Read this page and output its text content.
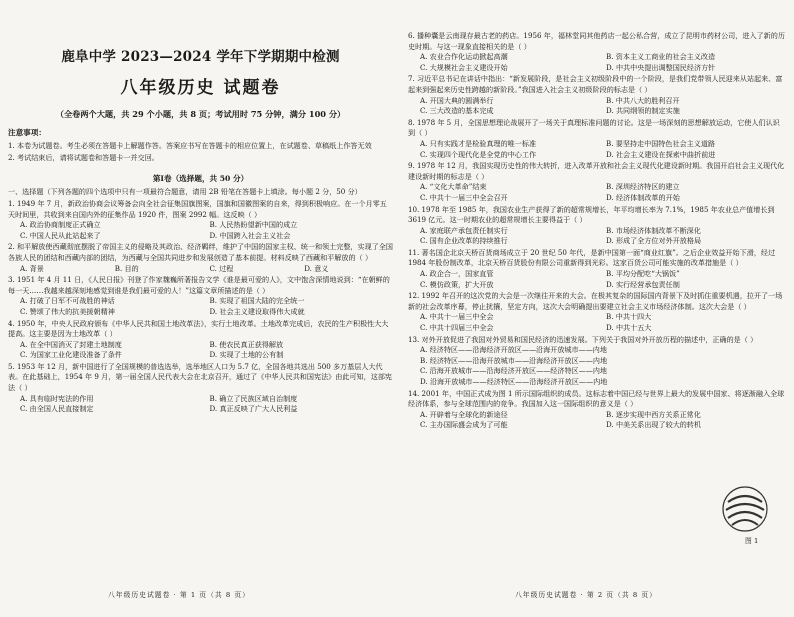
鹿阜中学 2023—2024 学年下学期期中检测
八年级历史 试题卷
（全卷两个大题，共 29 个小题，共 8 页；考试用时 75 分钟，满分 100 分）
注意事项：
1. 本卷为试题卷。考生必须在答题卡上解题作答。答案应书写在答题卡的相应位置上，在试题卷、草稿纸上作答无效
2. 考试结束后，请将试题卷和答题卡一并交回。
第Ⅰ卷（选择题，共 50 分）
一、选择题（下列各题的四个选项中只有一项最符合题意，请用 2B 铅笔在答题卡上填涂。每小题 2 分，50 分）
1. 1949 年 7 月，新政治协商会议筹备会向全社会征集国旗图案，国旗和国徽图案的自来，得到积极响应。在一个月零五天时间里，共收到来自国内外的征集作品 1920 件，图案 2992 幅。这反映（ ）
A. 政治协商制度正式确立	B. 人民热盼望新中国的成立
C. 中国人民从此站起来了	D. 中国跨入社会主义社会
2. 和平解放使西藏彻底摆脱了帝国主义的侵略及其政治、经济羁绊，维护了中国的国家主权、统一和领土完整，实现了全国各族人民的团结和西藏内部的团结，为西藏与全国共同进步和发展创造了基本前提。材料反映了西藏和平解放的（ ）
A. 背景	B. 目的	C. 过程	D. 意义
3. 1951 年 4 月 11 日，《人民日报》刊登了作家魏巍所著报告文学《谁是最可爱的人》，文中饱含深情地说到：“在朝鲜的每一天……我越来越深刻地感觉到谁是我们最可爱的人！”这篇文章所描述的是（ ）
A. 打破了日军不可战胜的神话	B. 实现了祖国大陆的完全统一
C. 赞颂了伟大的抗美援朝精神	D. 社会主义建设取得伟大成就
4. 1950 年，中央人民政府颁布《中华人民共和国土地改革法》，实行土地改革。土地改革完成后，农民的生产积极性大大提高。这主要是因为土地改革（ ）
A. 在全中国消灭了封建土地制度	B. 使农民真正获得解放
C. 为国家工业化建设准备了条件	D. 实现了土地的公有制
5. 1953 年 12 月，新中国进行了全国规模的普选选举，选举地区人口为 5.7 亿，全国各地共选出 500 多万基层人大代表。在此基础上，1954 年 9 月，第一届全国人民代表大会在北京召开，通过了《中华人民共和国宪法》由此可知，这部宪法（ ）
A. 具有临时宪法的作用	B. 确立了民族区域自治制度
C. 由全国人民直接制定	D. 真正反映了广大人民利益
6. 播种囊是云南现存最古老的药店。1956 年，福林堂同其他药店一起公私合营，成立了昆明市药材公司，进入了新的历史时期。与这一现象直接相关的是（ ）
A. 农业合作化运动掀起高潮	B. 资本主义工商业的社会主义改造
C. 大规模社会主义建设开始	D. 中共中央提出调整国民经济方针
7. 习近平总书记在讲话中指出：“新发展阶段，是社会主义初级阶段中的一个阶段，是我们党带领人民迎来从站起来、富起来到强起来历史性跨越的新阶段。”我国进入社会主义初级阶段的标志是（ ）
A. 开国大典的圆满举行	B. 中共八大的胜利召开
C. 三大改造的基本完成	D. 共同纲领的制定实施
8. 1978 年 5 月，全国思想理论战展开了一场关于真理标准问题的讨论。这是一场深刻的思想解放运动，它使人们认识到（ ）
A. 只有实践才是检验真理的唯一标准	B. 要坚持走中国特色社会主义道路
C. 实现四个现代化是全党的中心工作	D. 社会主义建设在探索中曲折前进
9. 1978 年 12 月，我国实现历史性的伟大转折，进入改革开放和社会主义现代化建设新时期。我国开启社会主义现代化建设新时期的标志是（ ）
A. “文化大革命”结束	B. 深圳经济特区的建立
C. 中共十一届三中全会召开	D. 经济体制改革的开始
10. 1978 年至 1985 年，我国农业生产获得了新的超常规增长，年平均增长率为 7.1%，1985 年农业总产值增长到 3619 亿元。这一时期农业的超常规增长主要得益于（ ）
A. 家庭联产承包责任制实行	B. 市场经济体制改革不断深化
C. 国有企业改革的持续推行	D. 形成了全方位对外开放格局
11. 著名国企北京天桥百货商场成立于 20 世纪 50 年代，是新中国第一面“商业红旗”。之后企业效益开始下滑，经过 1984 年股份制改革，北京天桥百货股份有限公司重新得到光彩。这家百货公司可能实施的改革措施是（ ）
A. 政企合一，国家直管	B. 平均分配吃“大锅饭”
C. 模仿政策，扩大开放	D. 实行经营承包责任制
12. 1992 年召开的这次党的大会是一次继往开来的大会。在极其复杂的国际国内背景下及时抓住重要机遇，拉开了一场新的社会改革序幕，停止扰攘，坚定方向，这次大会明确提出要建立社会主义市场经济体制。这次大会是（ ）
A. 中共十一届三中全会	B. 中共十四大
C. 中共十四届三中全会	D. 中共十五大
13. 对外开放促进了我国对外贸易和国民经济的迅速发展。下列关于我国对外开放历程的描述中，正确的是（ ）
A. 经济特区——沿海经济开放区——沿海开放城市——内地
B. 经济特区——沿海开放城市——沿海经济开放区——内地
C. 沿海开放城市——沿海经济开放区——经济特区——内地
D. 沿海开放城市——经济特区——沿海经济开放区——内地
14. 2001 年，中国正式成为图 1 所示国际组织的成员。这标志着中国已经与世界上最大的发展中国家、将逐渐融入全球经济体系，参与全球范围内的竞争。我国加入这一国际组织的意义是（ ）
A. 开辟着与全球化的新途径	B. 逐步实现中西方关系正常化
C. 主办国际盛会成为了可能	D. 中美关系出现了较大的转机
图 1
八年级历史试题卷 · 第 1 页（共 8 页）	八年级历史试题卷 · 第 2 页（共 8 页）
